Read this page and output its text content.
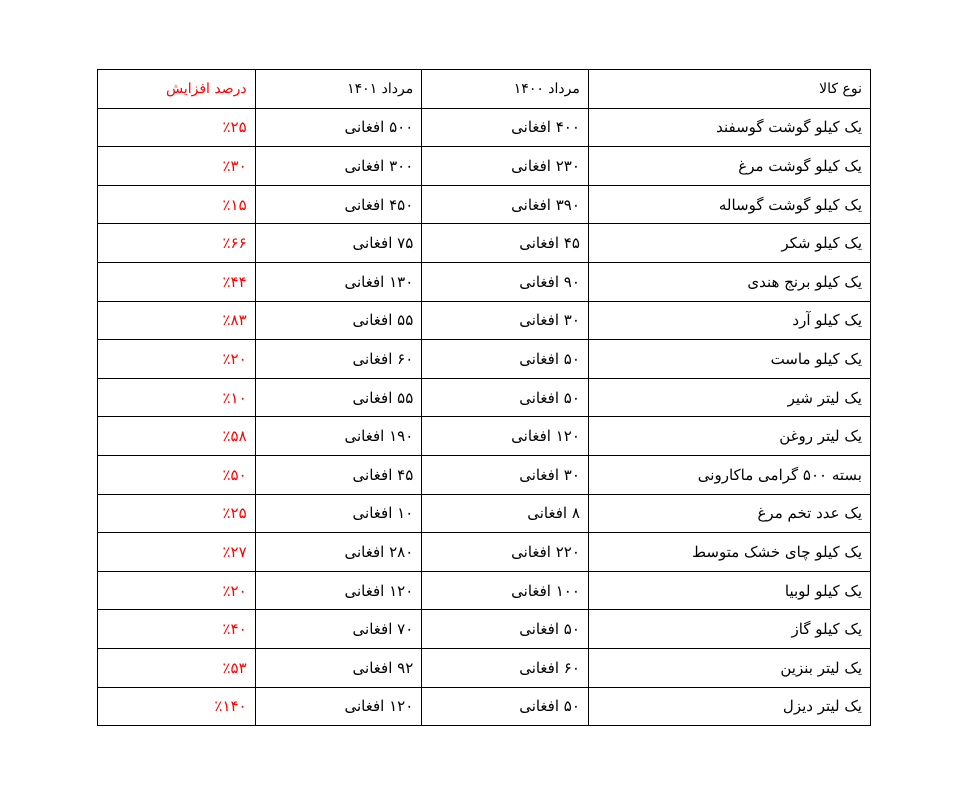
نوع کالا	مرداد ۱۴۰۰	مرداد ۱۴۰۱	درصد افزایش
یک کیلو گوشت گوسفند	۴۰۰ افغانی	۵۰۰ افغانی	٪۲۵
یک کیلو گوشت مرغ	۲۳۰ افغانی	۳۰۰ افغانی	٪۳۰
یک کیلو گوشت گوساله	۳۹۰ افغانی	۴۵۰ افغانی	٪۱۵
یک کیلو شکر	۴۵ افغانی	۷۵ افغانی	٪۶۶
یک کیلو برنج هندی	۹۰ افغانی	۱۳۰ افغانی	٪۴۴
یک کیلو آرد	۳۰ افغانی	۵۵ افغانی	٪۸۳
یک کیلو ماست	۵۰ افغانی	۶۰ افغانی	٪۲۰
یک لیتر شیر	۵۰ افغانی	۵۵ افغانی	٪۱۰
یک لیتر روغن	۱۲۰ افغانی	۱۹۰ افغانی	٪۵۸
بسته ۵۰۰ گرامی ماکارونی	۳۰ افغانی	۴۵ افغانی	٪۵۰
یک عدد تخم مرغ	۸ افغانی	۱۰ افغانی	٪۲۵
یک کیلو چای خشک متوسط	۲۲۰ افغانی	۲۸۰ افغانی	٪۲۷
یک کیلو لوبیا	۱۰۰ افغانی	۱۲۰ افغانی	٪۲۰
یک کیلو گاز	۵۰ افغانی	۷۰ افغانی	٪۴۰
یک لیتر بنزین	۶۰ افغانی	۹۲ افغانی	٪۵۳
یک لیتر دیزل	۵۰ افغانی	۱۲۰ افغانی	٪۱۴۰
